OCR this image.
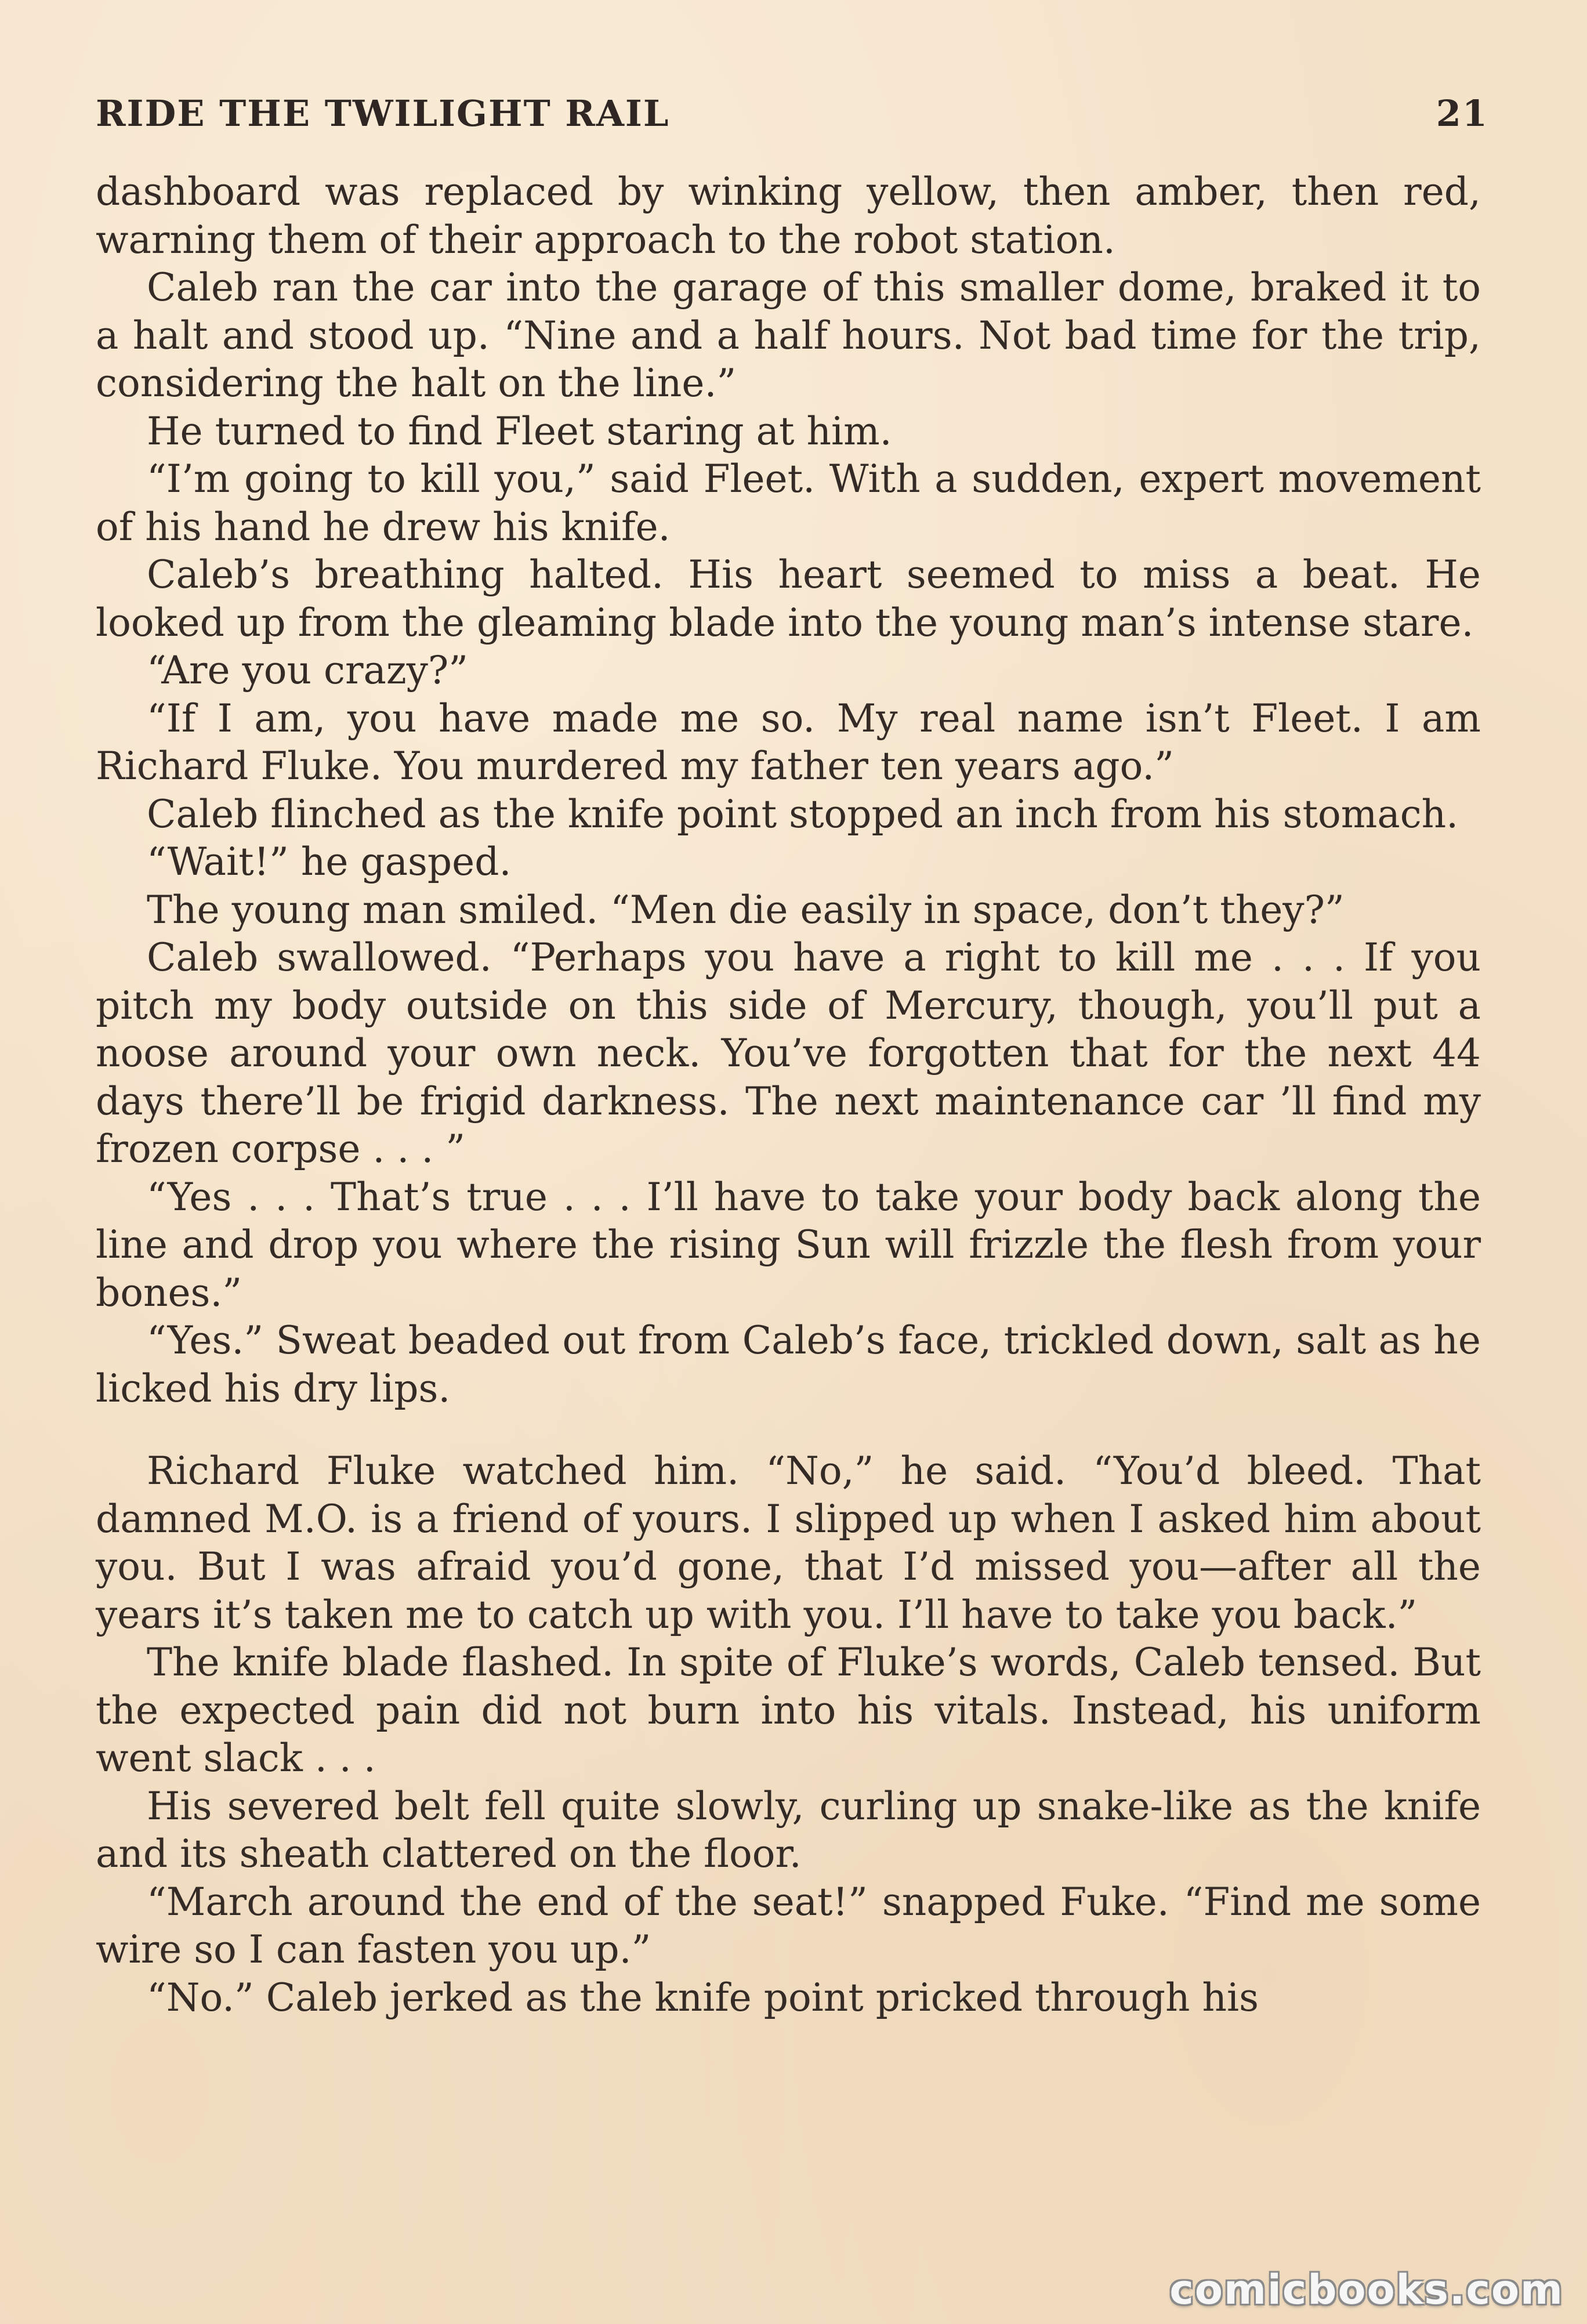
RIDE THE TWILIGHT RAIL	21

dashboard was replaced by winking yellow, then amber, then red, warning them of their approach to the robot station.

Caleb ran the car into the garage of this smaller dome, braked it to a halt and stood up. “Nine and a half hours. Not bad time for the trip, considering the halt on the line.”

He turned to find Fleet staring at him.

“I’m going to kill you,” said Fleet. With a sudden, expert movement of his hand he drew his knife.

Caleb’s breathing halted. His heart seemed to miss a beat. He looked up from the gleaming blade into the young man’s intense stare.

“Are you crazy?”

“If I am, you have made me so. My real name isn’t Fleet. I am Richard Fluke. You murdered my father ten years ago.”

Caleb flinched as the knife point stopped an inch from his stomach.

“Wait!” he gasped.

The young man smiled. “Men die easily in space, don’t they?”

Caleb swallowed. “Perhaps you have a right to kill me . . . If you pitch my body outside on this side of Mercury, though, you’ll put a noose around your own neck. You’ve forgotten that for the next 44 days there’ll be frigid darkness. The next maintenance car ’ll find my frozen corpse . . . ”

“Yes . . . That’s true . . . I’ll have to take your body back along the line and drop you where the rising Sun will frizzle the flesh from your bones.”

“Yes.” Sweat beaded out from Caleb’s face, trickled down, salt as he licked his dry lips.

Richard Fluke watched him. “No,” he said. “You’d bleed. That damned M.O. is a friend of yours. I slipped up when I asked him about you. But I was afraid you’d gone, that I’d missed you—after all the years it’s taken me to catch up with you. I’ll have to take you back.”

The knife blade flashed. In spite of Fluke’s words, Caleb tensed. But the expected pain did not burn into his vitals. Instead, his uniform went slack . . .

His severed belt fell quite slowly, curling up snake-like as the knife and its sheath clattered on the floor.

“March around the end of the seat!” snapped Fuke. “Find me some wire so I can fasten you up.”

“No.” Caleb jerked as the knife point pricked through his

comicbooks.com
